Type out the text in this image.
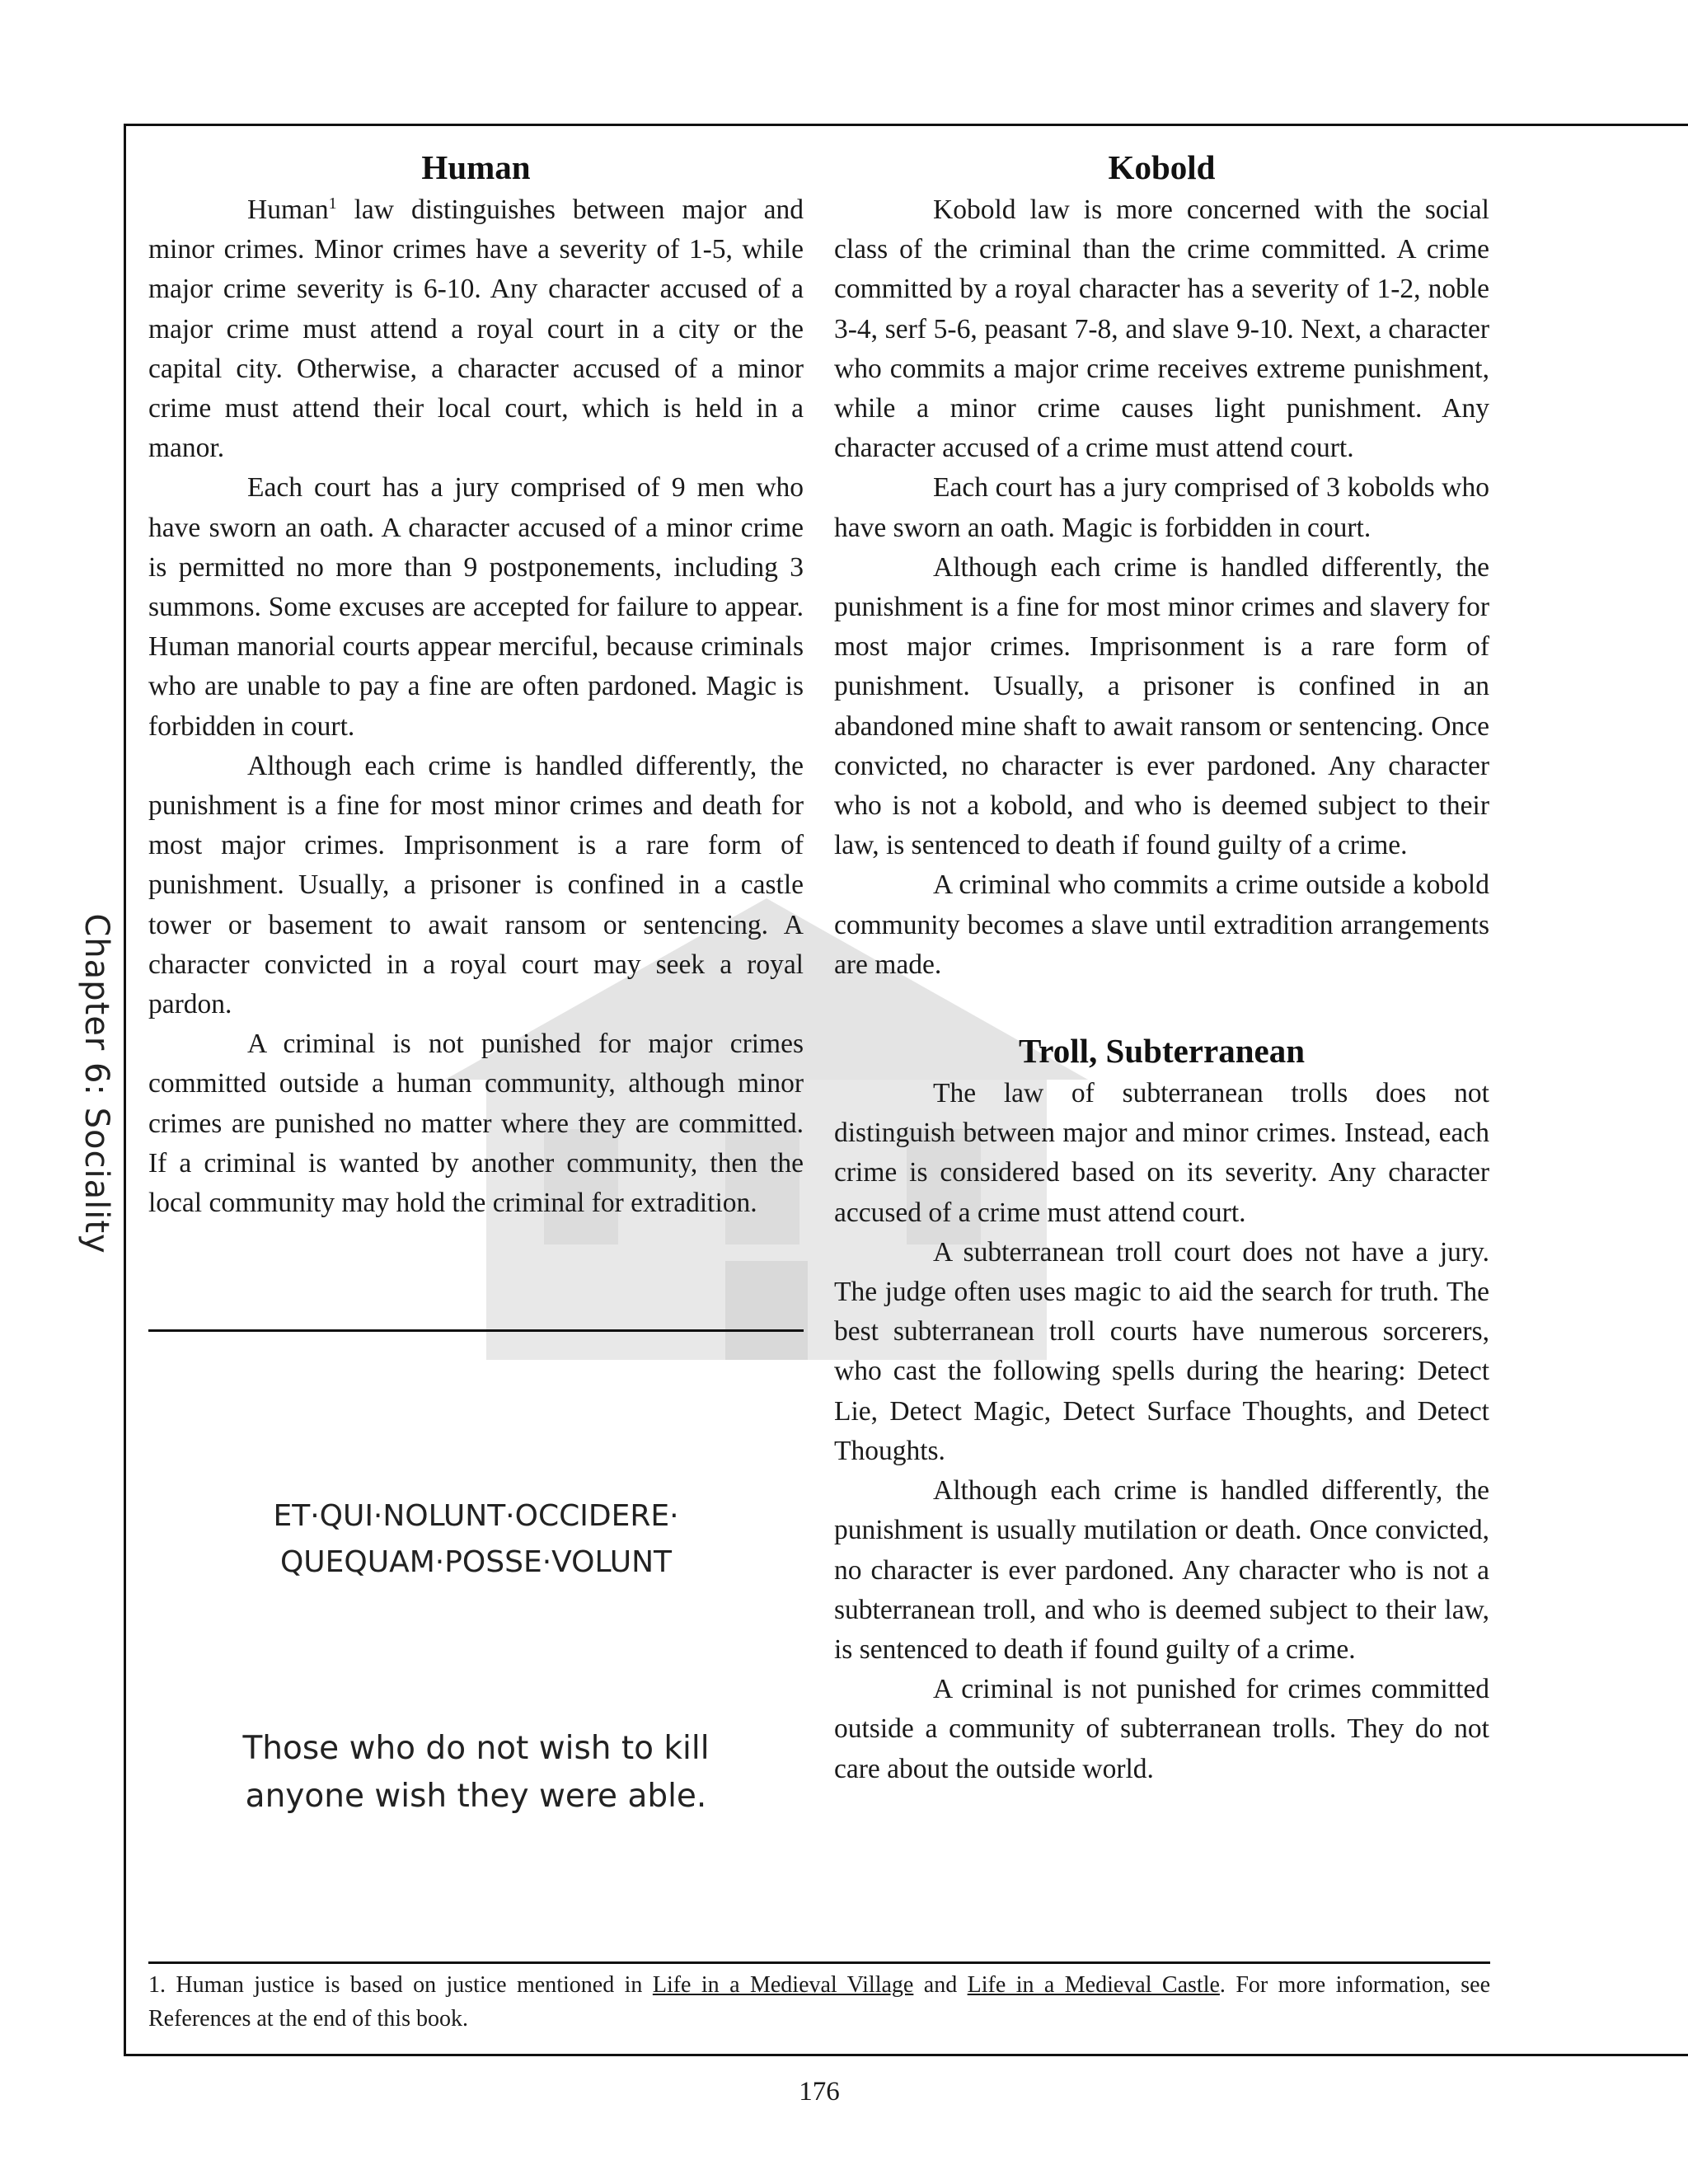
Chapter 6: Sociality
Human

Human$^1$ law distinguishes between major and minor crimes. Minor crimes have a severity of 1-5, while major crime severity is 6-10. Any character accused of a major crime must attend a royal court in a city or the capital city. Otherwise, a character accused of a minor crime must attend their local court, which is held in a manor.

Each court has a jury comprised of 9 men who have sworn an oath. A character accused of a minor crime is permitted no more than 9 postponements, including 3 summons. Some excuses are accepted for failure to appear. Human manorial courts appear merciful, because criminals who are unable to pay a fine are often pardoned. Magic is forbidden in court.

Although each crime is handled differently, the punishment is a fine for most minor crimes and death for most major crimes. Imprisonment is a rare form of punishment. Usually, a prisoner is confined in a castle tower or basement to await ransom or sentencing. A character convicted in a royal court may seek a royal pardon.

A criminal is not punished for major crimes committed outside a human community, although minor crimes are punished no matter where they are committed. If a criminal is wanted by another community, then the local community may hold the criminal for extradition.

ET·QUI·NOLUNT·OCCIDERE·
QUEQUAM·POSSE·VOLUNT
Those who do not wish to kill
anyone wish they were able.
Kobold

Kobold law is more concerned with the social class of the criminal than the crime committed. A crime committed by a royal character has a severity of 1-2, noble 3-4, serf 5-6, peasant 7-8, and slave 9-10. Next, a character who commits a major crime receives extreme punishment, while a minor crime causes light punishment. Any character accused of a crime must attend court.

Each court has a jury comprised of 3 kobolds who have sworn an oath. Magic is forbidden in court.

Although each crime is handled differently, the punishment is a fine for most minor crimes and slavery for most major crimes. Imprisonment is a rare form of punishment. Usually, a prisoner is confined in an abandoned mine shaft to await ransom or sentencing. Once convicted, no character is ever pardoned. Any character who is not a kobold, and who is deemed subject to their law, is sentenced to death if found guilty of a crime.

A criminal who commits a crime outside a kobold community becomes a slave until extradition arrangements are made.

Troll, Subterranean

The law of subterranean trolls does not distinguish between major and minor crimes. Instead, each crime is considered based on its severity. Any character accused of a crime must attend court.

A subterranean troll court does not have a jury. The judge often uses magic to aid the search for truth. The best subterranean troll courts have numerous sorcerers, who cast the following spells during the hearing: Detect Lie, Detect Magic, Detect Surface Thoughts, and Detect Thoughts.

Although each crime is handled differently, the punishment is usually mutilation or death. Once convicted, no character is ever pardoned. Any character who is not a subterranean troll, and who is deemed subject to their law, is sentenced to death if found guilty of a crime.

A criminal is not punished for crimes committed outside a community of subterranean trolls. They do not care about the outside world.

1. Human justice is based on justice mentioned in Life in a Medieval Village and Life in a Medieval Castle. For more information, see References at the end of this book.
176
